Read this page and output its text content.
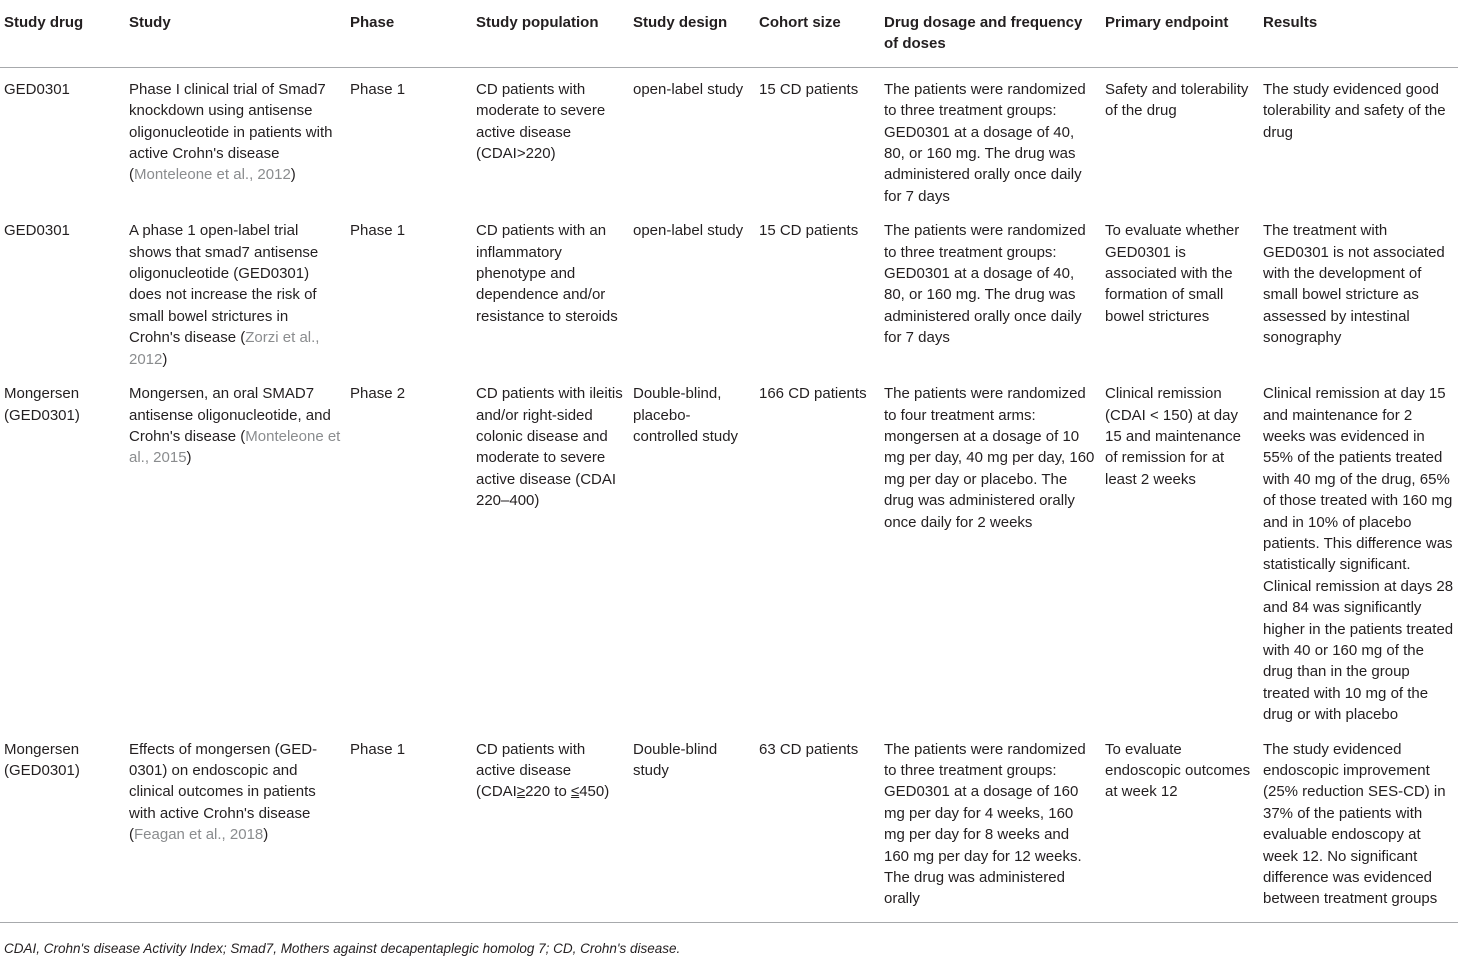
Study drug	Study	Phase	Study population	Study design	Cohort size	Drug dosage and frequency of doses	Primary endpoint	Results
GED0301	Phase I clinical trial of Smad7 knockdown using antisense oligonucleotide in patients with active Crohn's disease (Monteleone et al., 2012)	Phase 1	CD patients with moderate to severe active disease (CDAI>220)	open-label study	15 CD patients	The patients were randomized to three treatment groups: GED0301 at a dosage of 40, 80, or 160 mg. The drug was administered orally once daily for 7 days	Safety and tolerability of the drug	The study evidenced good tolerability and safety of the drug
GED0301	A phase 1 open-label trial shows that smad7 antisense oligonucleotide (GED0301) does not increase the risk of small bowel strictures in Crohn's disease (Zorzi et al., 2012)	Phase 1	CD patients with an inflammatory phenotype and dependence and/or resistance to steroids	open-label study	15 CD patients	The patients were randomized to three treatment groups: GED0301 at a dosage of 40, 80, or 160 mg. The drug was administered orally once daily for 7 days	To evaluate whether GED0301 is associated with the formation of small bowel strictures	The treatment with GED0301 is not associated with the development of small bowel stricture as assessed by intestinal sonography
Mongersen (GED0301)	Mongersen, an oral SMAD7 antisense oligonucleotide, and Crohn's disease (Monteleone et al., 2015)	Phase 2	CD patients with ileitis and/or right-sided colonic disease and moderate to severe active disease (CDAI 220–400)	Double-blind, placebo-controlled study	166 CD patients	The patients were randomized to four treatment arms: mongersen at a dosage of 10 mg per day, 40 mg per day, 160 mg per day or placebo. The drug was administered orally once daily for 2 weeks	Clinical remission (CDAI < 150) at day 15 and maintenance of remission for at least 2 weeks	Clinical remission at day 15 and maintenance for 2 weeks was evidenced in 55% of the patients treated with 40 mg of the drug, 65% of those treated with 160 mg and in 10% of placebo patients. This difference was statistically significant. Clinical remission at days 28 and 84 was significantly higher in the patients treated with 40 or 160 mg of the drug than in the group treated with 10 mg of the drug or with placebo
Mongersen (GED0301)	Effects of mongersen (GED-0301) on endoscopic and clinical outcomes in patients with active Crohn's disease (Feagan et al., 2018)	Phase 1	CD patients with active disease (CDAI≥220 to ≤450)	Double-blind study	63 CD patients	The patients were randomized to three treatment groups: GED0301 at a dosage of 160 mg per day for 4 weeks, 160 mg per day for 8 weeks and 160 mg per day for 12 weeks. The drug was administered orally	To evaluate endoscopic outcomes at week 12	The study evidenced endoscopic improvement (25% reduction SES-CD) in 37% of the patients with evaluable endoscopy at week 12. No significant difference was evidenced between treatment groups
CDAI, Crohn's disease Activity Index; Smad7, Mothers against decapentaplegic homolog 7; CD, Crohn's disease.
